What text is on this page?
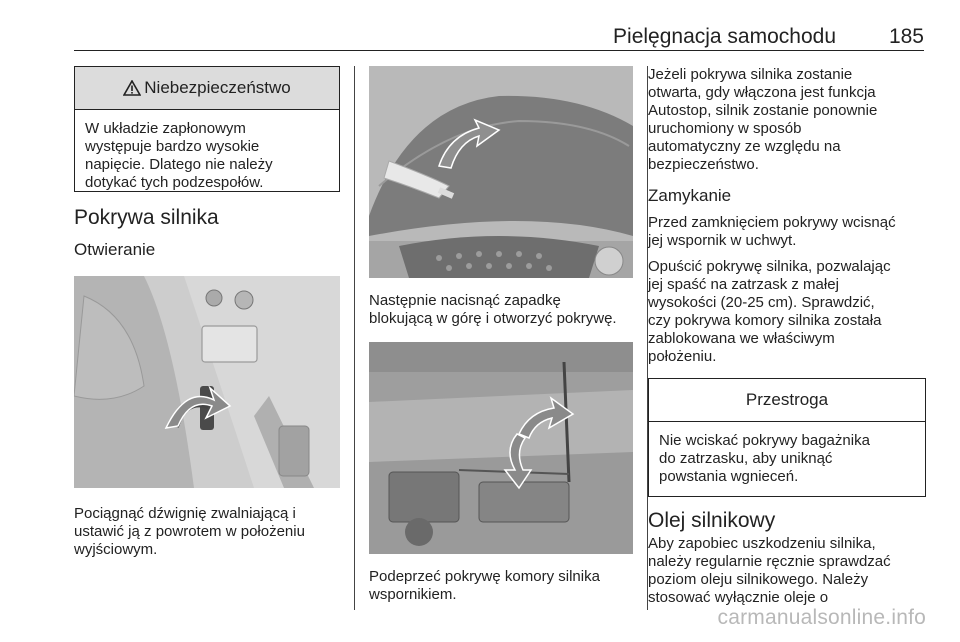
Pielęgnacja samochodu	185
Niebezpieczeństwo
W układzie zapłonowym
występuje bardzo wysokie
napięcie. Dlatego nie należy
dotykać tych podzespołów.
Pokrywa silnika
Otwieranie

Pociągnąć dźwignię zwalniającą i

ustawić ją z powrotem w położeniu

wyjściowym.

Następnie nacisnąć zapadkę

blokującą w górę i otworzyć pokrywę.

Podeprzeć pokrywę komory silnika

wspornikiem.

Jeżeli pokrywa silnika zostanie

otwarta, gdy włączona jest funkcja

Autostop, silnik zostanie ponownie

uruchomiony w sposób

automatyczny ze względu na

bezpieczeństwo.

Zamykanie

Przed zamknięciem pokrywy wcisnąć

jej wspornik w uchwyt.

Opuścić pokrywę silnika, pozwalając

jej spaść na zatrzask z małej

wysokości (20-25 cm). Sprawdzić,

czy pokrywa komory silnika została

zablokowana we właściwym

położeniu.

Przestroga
Nie wciskać pokrywy bagażnika
do zatrzasku, aby uniknąć
powstania wgnieceń.
Olej silnikowy

Aby zapobiec uszkodzeniu silnika,

należy regularnie ręcznie sprawdzać

poziom oleju silnikowego. Należy

stosować wyłącznie oleje o

carmanualsonline.info
